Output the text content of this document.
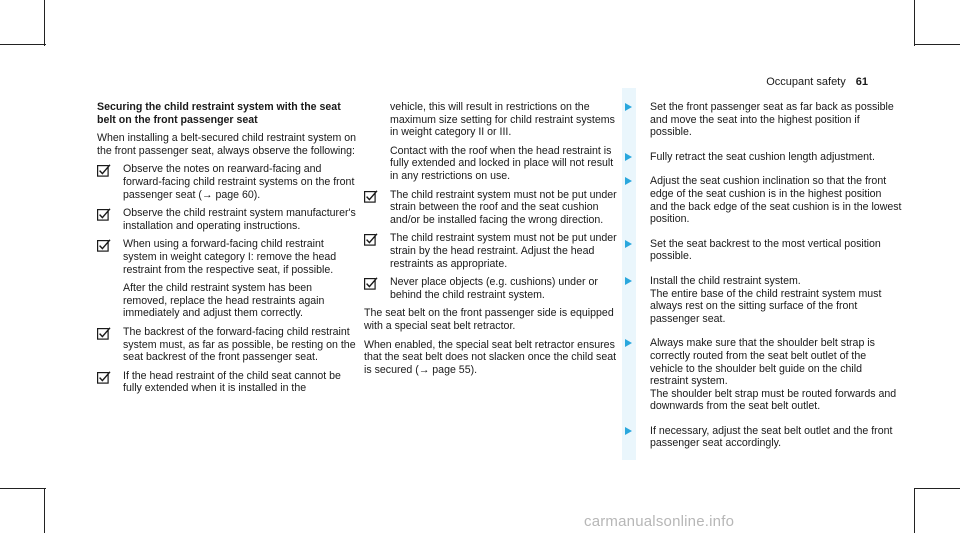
Occupant safety 61
Securing the child restraint system with the seat belt on the front passenger seat

When installing a belt-secured child restraint system on the front passenger seat, always observe the following:

Observe the notes on rearward-facing and forward-facing child restraint systems on the front passenger seat (→ page 60).
Observe the child restraint system manufacturer's installation and operating instructions.
When using a forward-facing child restraint system in weight category I: remove the head restraint from the respective seat, if possible.
After the child restraint system has been removed, replace the head restraints again immediately and adjust them correctly.
The backrest of the forward-facing child restraint system must, as far as possible, be resting on the seat backrest of the front passenger seat.
If the head restraint of the child seat cannot be fully extended when it is installed in the

vehicle, this will result in restrictions on the maximum size setting for child restraint systems in weight category II or III.

Contact with the roof when the head restraint is fully extended and locked in place will not result in any restrictions on use.

The child restraint system must not be put under strain between the roof and the seat cushion and/or be installed facing the wrong direction.
The child restraint system must not be put under strain by the head restraint. Adjust the head restraints as appropriate.
Never place objects (e.g. cushions) under or behind the child restraint system.

The seat belt on the front passenger side is equipped with a special seat belt retractor.

When enabled, the special seat belt retractor ensures that the seat belt does not slacken once the child seat is secured (→ page 55).

Set the front passenger seat as far back as possible and move the seat into the highest position if possible.
Fully retract the seat cushion length adjustment.
Adjust the seat cushion inclination so that the front edge of the seat cushion is in the highest position and the back edge of the seat cushion is in the lowest position.
Set the seat backrest to the most vertical position possible.
Install the child restraint system.
The entire base of the child restraint system must always rest on the sitting surface of the front passenger seat.
Always make sure that the shoulder belt strap is correctly routed from the seat belt outlet of the vehicle to the shoulder belt guide on the child restraint system.
The shoulder belt strap must be routed forwards and downwards from the seat belt outlet.
If necessary, adjust the seat belt outlet and the front passenger seat accordingly.
carmanualsonline.info
